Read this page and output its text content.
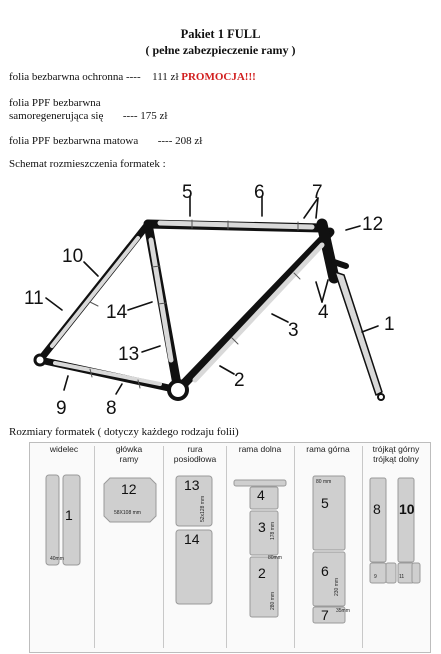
Pakiet 1 FULL
( pełne zabezpieczenie ramy )
folia bezbarwna ochronna ---- 111 zł PROMOCJA!!!
folia PPF bezbarwna
samoregenerująca się ---- 175 zł
folia PPF bezbarwna matowa ---- 208 zł
Schemat rozmieszczenia formatek :
5	6 7
12
1
4
3
2
10
14
13
11
9 8
Rozmiary formatek ( dotyczy każdego rodzaju folii)
widelec	główka
ramy
rura
posiodłowa
rama dolna	rama górna	trójkąt górny
trójkąt dolny
1
12	13
14
4
3
2
5
6
7
8 10
58X108 mm
40mm	80mm
80 mm
35mm
9	11
52x128 mm
178 mm
280 mm
230 mm
